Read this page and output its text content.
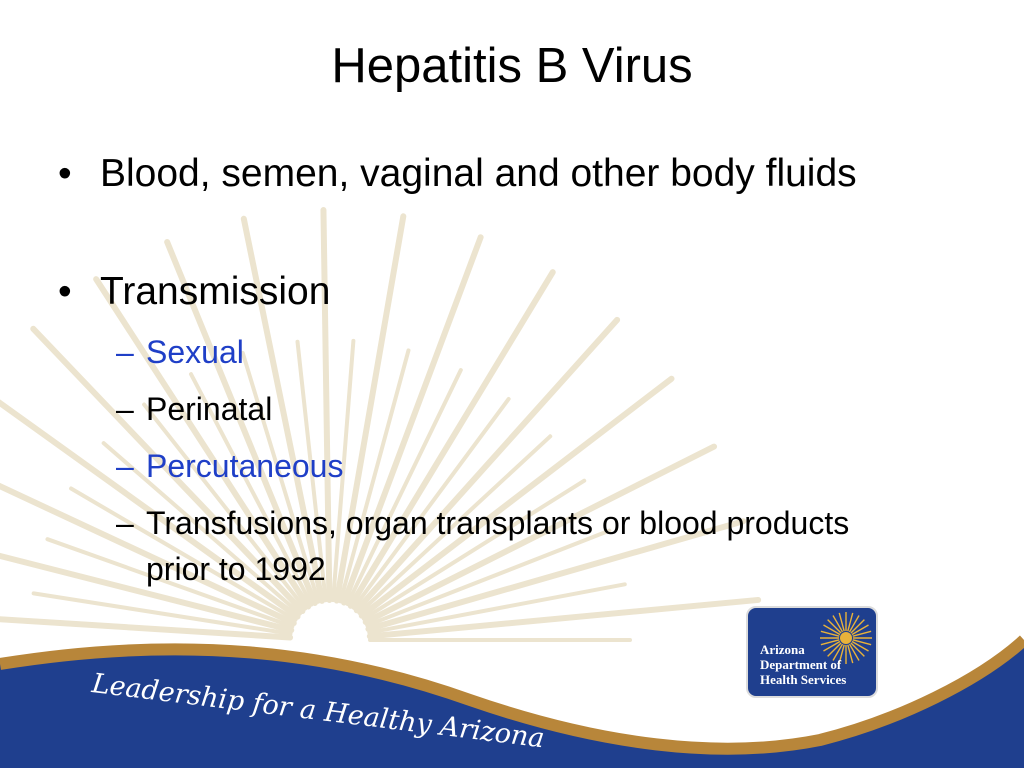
Hepatitis B Virus
• Blood, semen, vaginal and other body fluids
• Transmission
– Sexual
– Perinatal
– Percutaneous
– Transfusions, organ transplants or blood products prior to 1992
Leadership for a Healthy Arizona
Arizona
Department of
Health Services
